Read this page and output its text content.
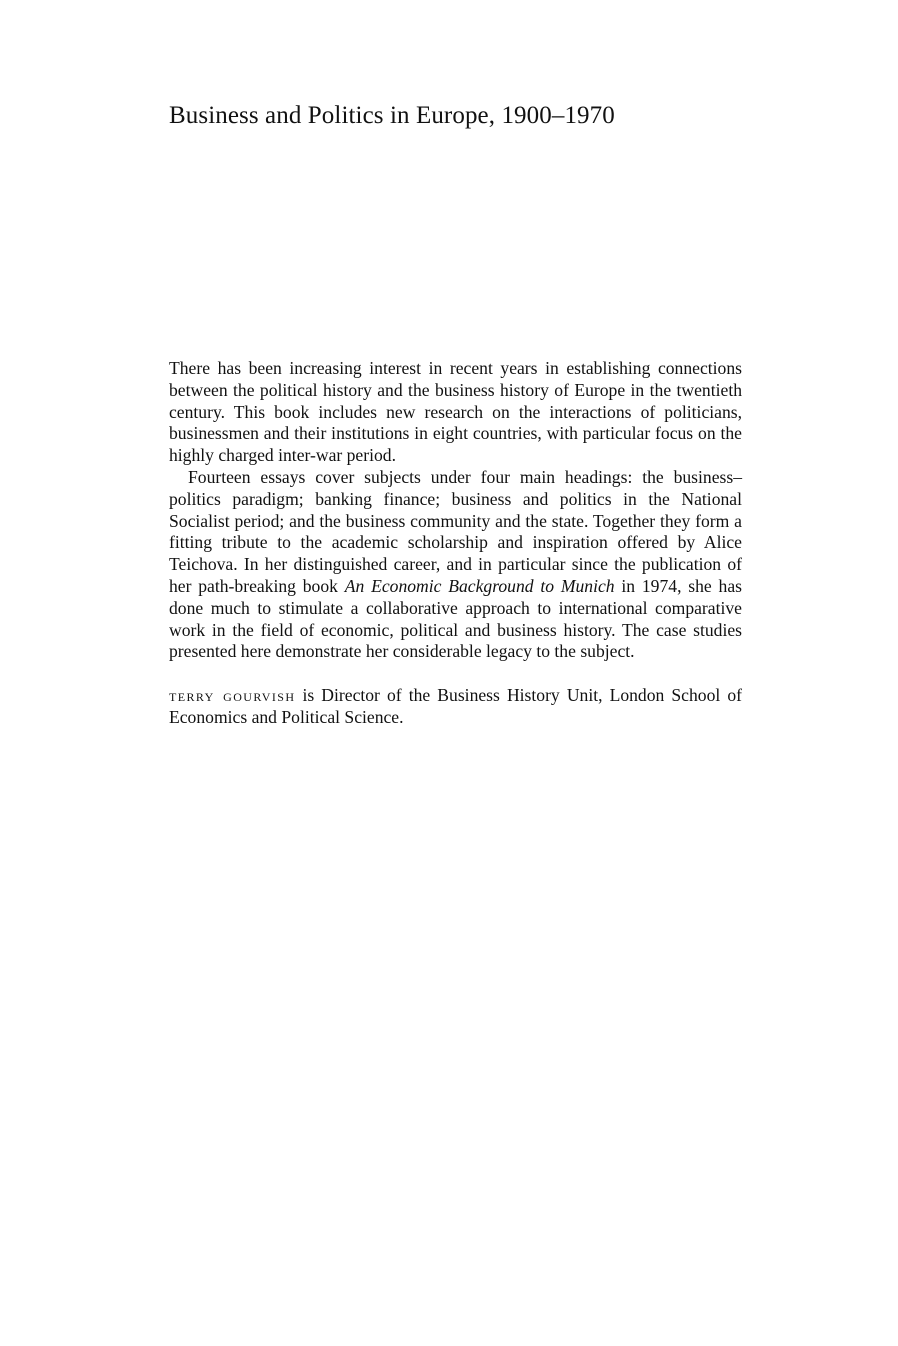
Business and Politics in Europe, 1900–1970

There has been increasing interest in recent years in establishing connections between the political history and the business history of Europe in the twentieth century. This book includes new research on the interactions of politicians, businessmen and their institutions in eight countries, with particular focus on the highly charged inter-war period.

Fourteen essays cover subjects under four main headings: the business–politics paradigm; banking finance; business and politics in the National Socialist period; and the business community and the state. Together they form a fitting tribute to the academic scholarship and inspiration offered by Alice Teichova. In her distinguished career, and in particular since the publication of her path-breaking book An Economic Background to Munich in 1974, she has done much to stimulate a collaborative approach to international comparative work in the field of economic, political and business history. The case studies presented here demonstrate her considerable legacy to the subject.

terry gourvish is Director of the Business History Unit, London School of Economics and Political Science.
